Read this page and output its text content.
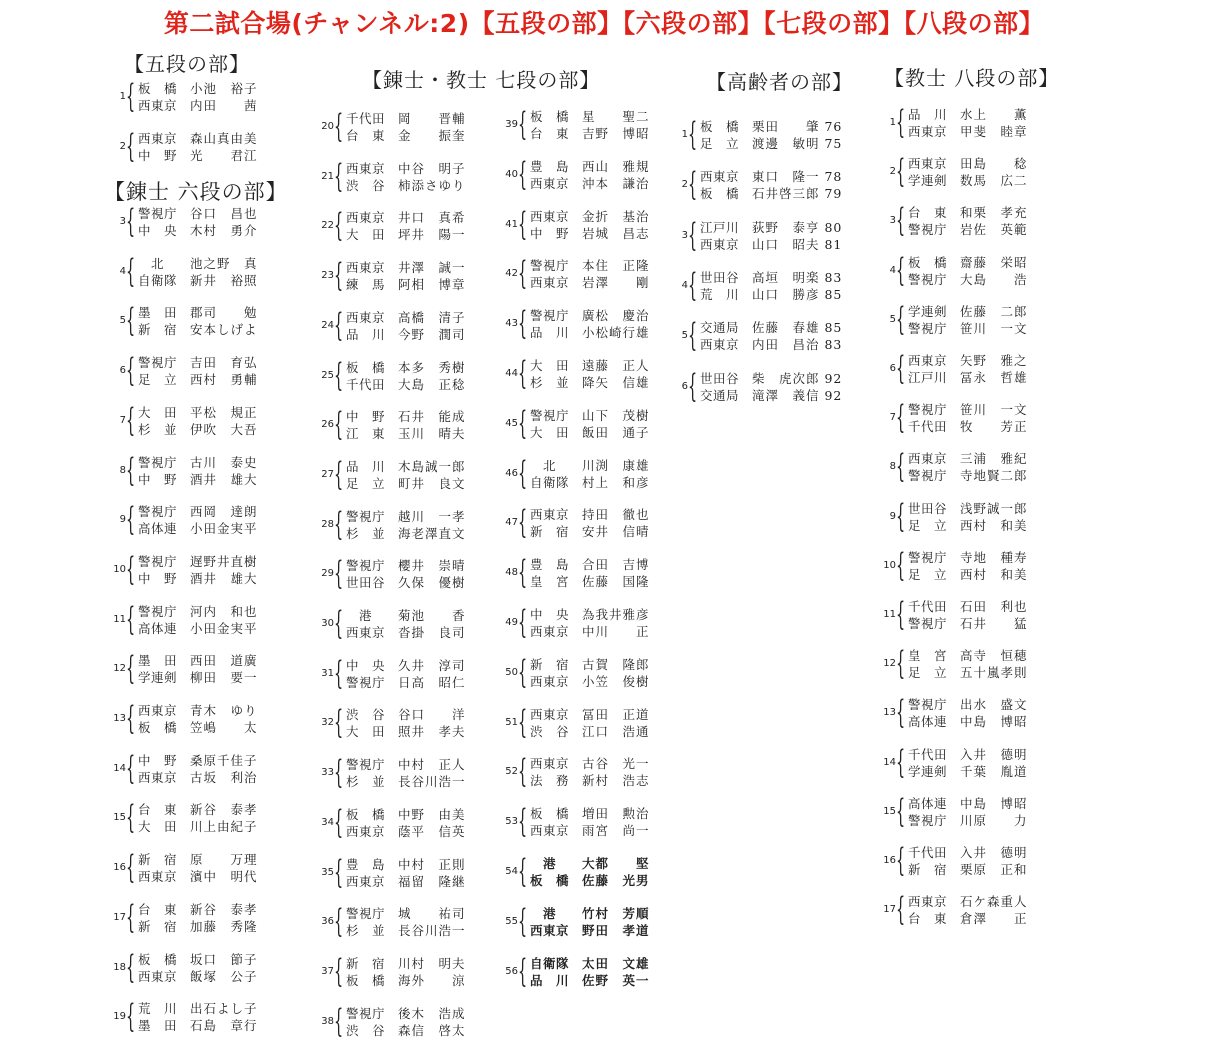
第二試合場(チャンネル:2)【五段の部】【六段の部】【七段の部】【八段の部】
【五段の部】
1 { 板　橋 小池　裕子
西東京 内田　　茜
2 { 西東京 森山真由美
中　野 光　　君江
【錬士 六段の部】
3 { 警視庁 谷口　昌也
中　央 木村　勇介
4 { 　北　池之野　真
自衛隊 新井　裕照
5 { 墨　田 郡司　　勉
新　宿 安本しげよ
6 { 警視庁 吉田　育弘
足　立 西村　勇輔
7 { 大　田 平松　規正
杉　並 伊吹　大吾
8 { 警視庁 古川　泰史
中　野 酒井　雄大
9 { 警視庁 西岡　達朗
高体連 小田金実平
10 { 警視庁 遅野井直樹
中　野 酒井　雄大
11 { 警視庁 河内　和也
高体連 小田金実平
12 { 墨　田 西田　道廣
学連剣 柳田　要一
13 { 西東京 青木　ゆり
板　橋 笠嶋　　太
14 { 中　野 桑原千佳子
西東京 古坂　利治
15 { 台　東 新谷　泰孝
大　田 川上由紀子
16 { 新　宿 原　　万理
西東京 濱中　明代
17 { 台　東 新谷　泰孝
新　宿 加藤　秀隆
18 { 板　橋 坂口　節子
西東京 飯塚　公子
19 { 荒　川 出石よし子
墨　田 石島　章行
【錬士・教士 七段の部】
20 { 千代田 岡　　晋輔
台　東 金　　振奎
21 { 西東京 中谷　明子
渋　谷 柿添さゆり
22 { 西東京 井口　真希
大　田 坪井　陽一
23 { 西東京 井澤　誠一
練　馬 阿相　博章
24 { 西東京 高橋　清子
品　川 今野　潤司
25 { 板　橋 本多　秀樹
千代田 大島　正稔
26 { 中　野 石井　能成
江　東 玉川　晴夫
27 { 品　川 木島誠一郎
足　立 町井　良文
28 { 警視庁 越川　一孝
杉　並 海老澤直文
29 { 警視庁 櫻井　崇晴
世田谷 久保　優樹
30 { 　港　菊池　　香
西東京 沓掛　良司
31 { 中　央 久井　淳司
警視庁 日高　昭仁
32 { 渋　谷 谷口　　洋
大　田 照井　孝夫
33 { 警視庁 中村　正人
杉　並 長谷川浩一
34 { 板　橋 中野　由美
西東京 蔭平　信英
35 { 豊　島 中村　正則
西東京 福留　隆継
36 { 警視庁 城　　祐司
杉　並 長谷川浩一
37 { 新　宿 川村　明夫
板　橋 海外　　涼
38 { 警視庁 後木　浩成
渋　谷 森信　啓太
39 { 板　橋 星　　聖二
台　東 吉野　博昭
40 { 豊　島 西山　雅規
西東京 沖本　謙治
41 { 西東京 金折　基治
中　野 岩城　昌志
42 { 警視庁 本住　正隆
西東京 岩澤　　剛
43 { 警視庁 廣松　慶治
品　川 小松崎行雄
44 { 大　田 遠藤　正人
杉　並 降矢　信雄
45 { 警視庁 山下　茂樹
大　田 飯田　通子
46 { 　北　川渕　康雄
自衛隊 村上　和彦
47 { 西東京 持田　徹也
新　宿 安井　信晴
48 { 豊　島 合田　吉博
皇　宮 佐藤　国隆
49 { 中　央 為我井雅彦
西東京 中川　　正
50 { 新　宿 古賀　隆郎
西東京 小笠　俊樹
51 { 西東京 冨田　正道
渋　谷 江口　浩通
52 { 西東京 古谷　光一
法　務 新村　浩志
53 { 板　橋 増田　勲治
西東京 雨宮　尚一
54 { 　港　大都　　堅
板　橋 佐藤　光男
55 { 　港　竹村　芳順
西東京 野田　孝道
56 { 自衛隊 太田　文雄
品　川 佐野　英一
【高齢者の部】
1 { 板　橋 栗田　　肇 76
足　立 渡邊　敏明 75
2 { 西東京 東口　隆一 78
板　橋 石井啓三郎 79
3 { 江戸川 荻野　泰亨 80
西東京 山口　昭夫 81
4 { 世田谷 高垣　明楽 83
荒　川 山口　勝彦 85
5 { 交通局 佐藤　春雄 85
西東京 内田　昌治 83
6 { 世田谷 柴　虎次郎 92
交通局 滝澤　義信 92
【教士 八段の部】
1 { 品　川 水上　　薫
西東京 甲斐　睦章
2 { 西東京 田島　　稔
学連剣 数馬　広二
3 { 台　東 和栗　孝充
警視庁 岩佐　英範
4 { 板　橋 齋藤　栄昭
警視庁 大島　　浩
5 { 学連剣 佐藤　二郎
警視庁 笹川　一文
6 { 西東京 矢野　雅之
江戸川 冨永　哲雄
7 { 警視庁 笹川　一文
千代田 牧　　芳正
8 { 西東京 三浦　雅紀
警視庁 寺地賢二郎
9 { 世田谷 浅野誠一郎
足　立 西村　和美
10 { 警視庁 寺地　種寿
足　立 西村　和美
11 { 千代田 石田　利也
警視庁 石井　　猛
12 { 皇　宮 高寺　恒穂
足　立 五十嵐孝則
13 { 警視庁 出水　盛文
高体連 中島　博昭
14 { 千代田 入井　德明
学連剣 千葉　胤道
15 { 高体連 中島　博昭
警視庁 川原　　力
16 { 千代田 入井　德明
新　宿 栗原　正和
17 { 西東京 石ケ森重人
台　東 倉澤　　正
